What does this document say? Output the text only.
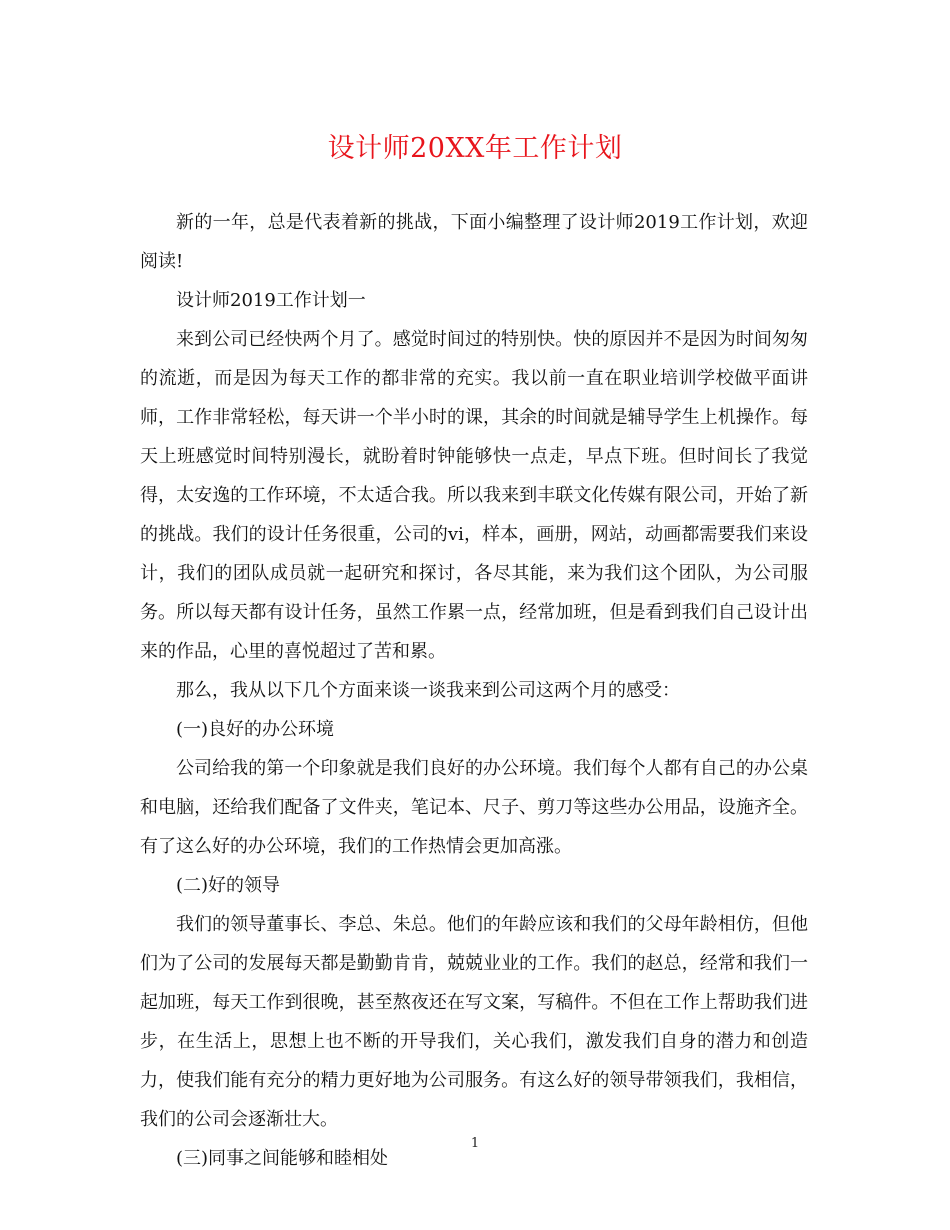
设计师20XX年工作计划

新的一年，总是代表着新的挑战，下面小编整理了设计师2019工作计划，欢迎阅读!

设计师2019工作计划一

来到公司已经快两个月了。感觉时间过的特别快。快的原因并不是因为时间匆匆的流逝，而是因为每天工作的都非常的充实。我以前一直在职业培训学校做平面讲师，工作非常轻松，每天讲一个半小时的课，其余的时间就是辅导学生上机操作。每天上班感觉时间特别漫长，就盼着时钟能够快一点走，早点下班。但时间长了我觉得，太安逸的工作环境，不太适合我。所以我来到丰联文化传媒有限公司，开始了新的挑战。我们的设计任务很重，公司的vi，样本，画册，网站，动画都需要我们来设计，我们的团队成员就一起研究和探讨，各尽其能，来为我们这个团队，为公司服务。所以每天都有设计任务，虽然工作累一点，经常加班，但是看到我们自己设计出来的作品，心里的喜悦超过了苦和累。

那么，我从以下几个方面来谈一谈我来到公司这两个月的感受：

(一)良好的办公环境

公司给我的第一个印象就是我们良好的办公环境。我们每个人都有自己的办公桌和电脑，还给我们配备了文件夹，笔记本、尺子、剪刀等这些办公用品，设施齐全。有了这么好的办公环境，我们的工作热情会更加高涨。

(二)好的领导

我们的领导董事长、李总、朱总。他们的年龄应该和我们的父母年龄相仿，但他们为了公司的发展每天都是勤勤肯肯，兢兢业业的工作。我们的赵总，经常和我们一起加班，每天工作到很晚，甚至熬夜还在写文案，写稿件。不但在工作上帮助我们进步，在生活上，思想上也不断的开导我们，关心我们，激发我们自身的潜力和创造力，使我们能有充分的精力更好地为公司服务。有这么好的领导带领我们，我相信，我们的公司会逐渐壮大。

(三)同事之间能够和睦相处

1
